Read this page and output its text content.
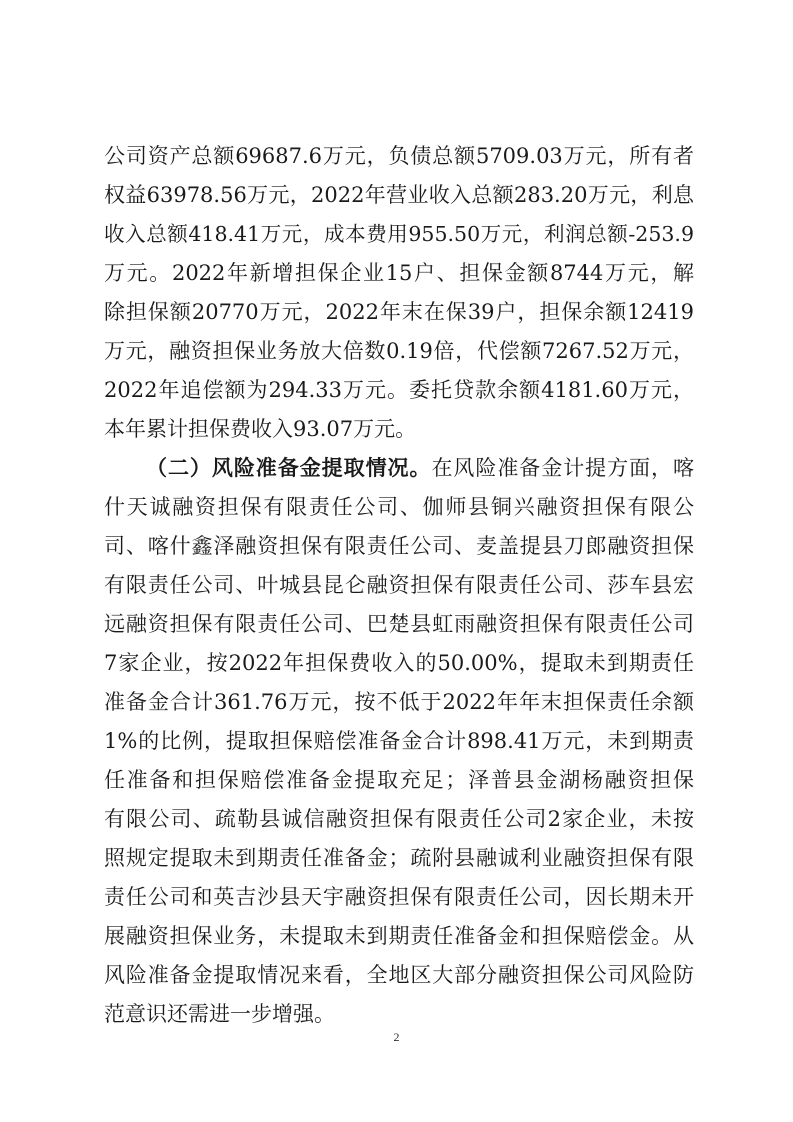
公司资产总额69687.6万元，负债总额5709.03万元，所有者
权益63978.56万元，2022年营业收入总额283.20万元，利息
收入总额418.41万元，成本费用955.50万元，利润总额-253.9
万元。2022年新增担保企业15户、担保金额8744万元，解
除担保额20770万元，2022年末在保39户，担保余额12419
万元，融资担保业务放大倍数0.19倍，代偿额7267.52万元，
2022年追偿额为294.33万元。委托贷款余额4181.60万元，
本年累计担保费收入93.07万元。
（二）风险准备金提取情况。在风险准备金计提方面，喀
什天诚融资担保有限责任公司、伽师县铜兴融资担保有限公
司、喀什鑫泽融资担保有限责任公司、麦盖提县刀郎融资担保
有限责任公司、叶城县昆仑融资担保有限责任公司、莎车县宏
远融资担保有限责任公司、巴楚县虹雨融资担保有限责任公司
7家企业，按2022年担保费收入的50.00%，提取未到期责任
准备金合计361.76万元，按不低于2022年年末担保责任余额
1%的比例，提取担保赔偿准备金合计898.41万元，未到期责
任准备和担保赔偿准备金提取充足；泽普县金湖杨融资担保
有限公司、疏勒县诚信融资担保有限责任公司2家企业，未按
照规定提取未到期责任准备金；疏附县融诚利业融资担保有限
责任公司和英吉沙县天宇融资担保有限责任公司，因长期未开
展融资担保业务，未提取未到期责任准备金和担保赔偿金。从
风险准备金提取情况来看，全地区大部分融资担保公司风险防
范意识还需进一步增强。
2
